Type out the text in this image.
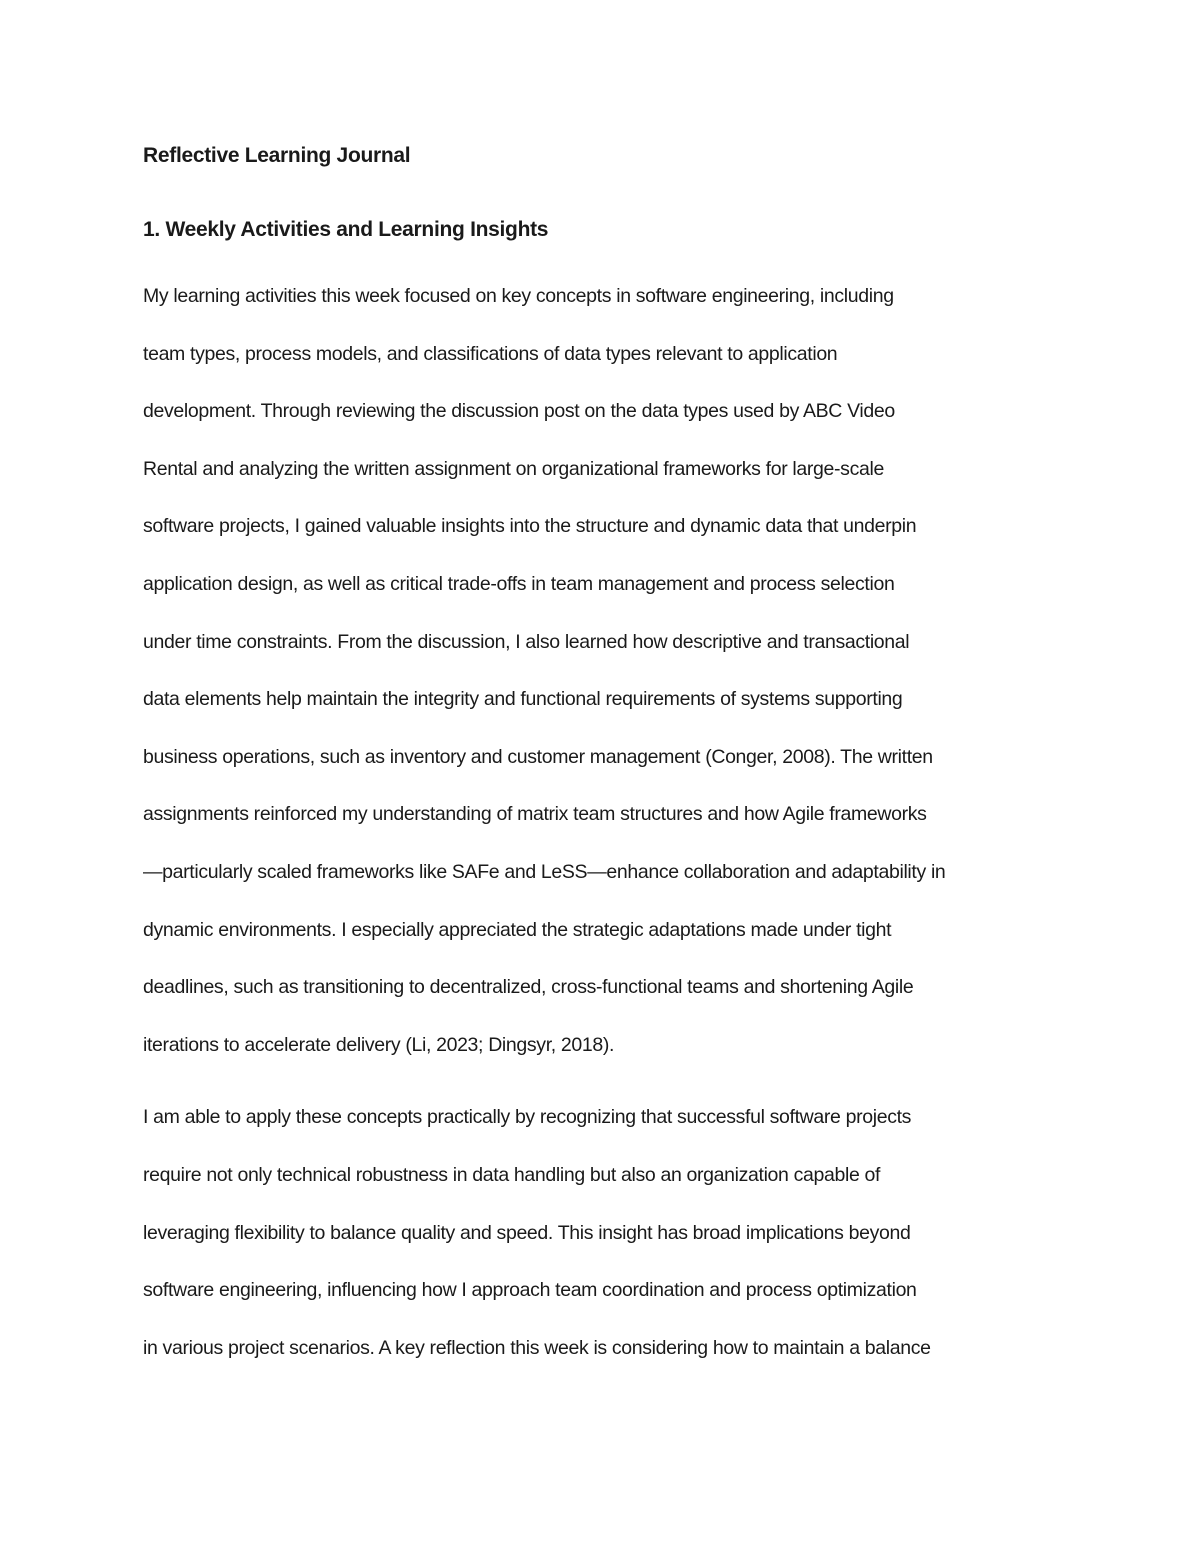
Reflective Learning Journal
1. Weekly Activities and Learning Insights

My learning activities this week focused on key concepts in software engineering, including
team types, process models, and classifications of data types relevant to application
development. Through reviewing the discussion post on the data types used by ABC Video
Rental and analyzing the written assignment on organizational frameworks for large-scale
software projects, I gained valuable insights into the structure and dynamic data that underpin
application design, as well as critical trade-offs in team management and process selection
under time constraints. From the discussion, I also learned how descriptive and transactional
data elements help maintain the integrity and functional requirements of systems supporting
business operations, such as inventory and customer management (Conger, 2008). The written
assignments reinforced my understanding of matrix team structures and how Agile frameworks
—particularly scaled frameworks like SAFe and LeSS—enhance collaboration and adaptability in
dynamic environments. I especially appreciated the strategic adaptations made under tight
deadlines, such as transitioning to decentralized, cross-functional teams and shortening Agile
iterations to accelerate delivery (Li, 2023; Dingsyr, 2018).

I am able to apply these concepts practically by recognizing that successful software projects
require not only technical robustness in data handling but also an organization capable of
leveraging flexibility to balance quality and speed. This insight has broad implications beyond
software engineering, influencing how I approach team coordination and process optimization
in various project scenarios. A key reflection this week is considering how to maintain a balance
